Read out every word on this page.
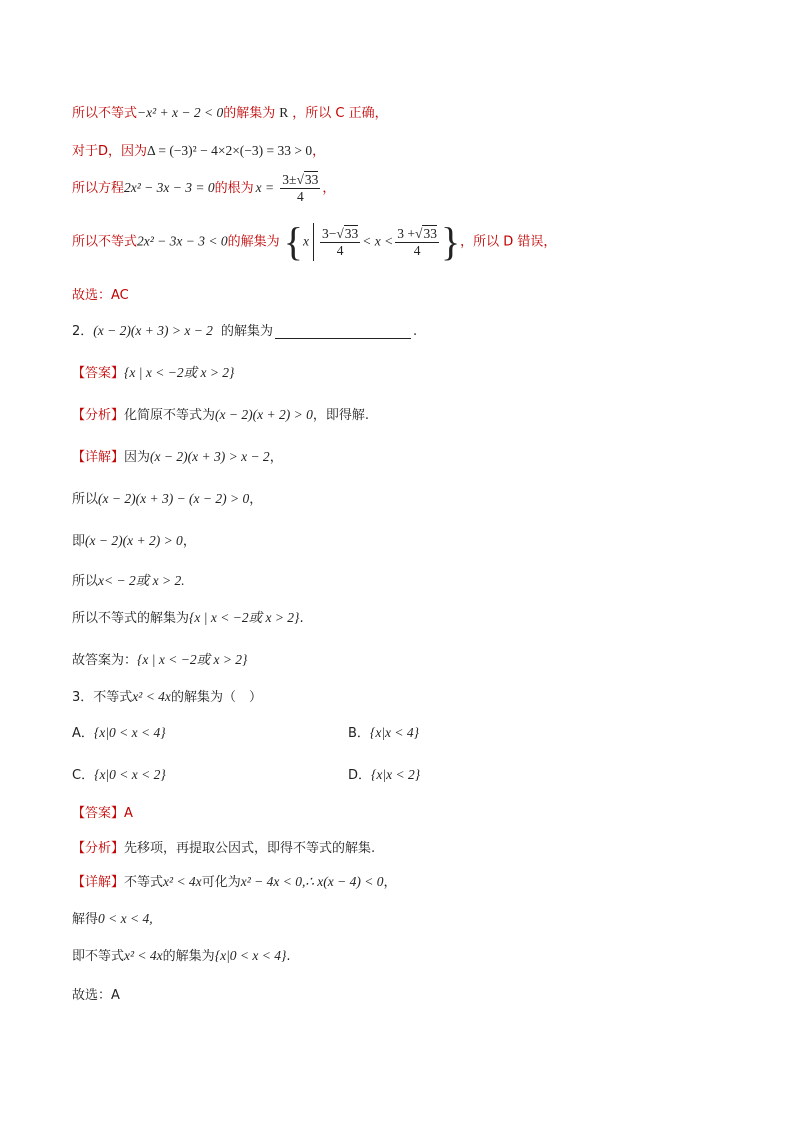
所以不等式−x² + x − 2 < 0的解集为 R ，所以 C 正确，
对于D，因为Δ = (−3)² − 4×2×(−3) = 33 > 0，
所以方程2x² − 3x − 3 = 0的根为 $x = \frac{3\pm√33}{4}$ ，
所以不等式2x² − 3x − 3 < 0的解集为 {$x \frac{3-√33}{4} < x < \frac{3 +√33}{4}$ }，所以 D 错误，
故选：AC
2．(x − 2)(x + 3) > x − 2 的解集为	.
【答案】{x | x < −2或 x > 2}
【分析】化简原不等式为(x − 2)(x + 2) > 0，即得解.
【详解】因为(x − 2)(x + 3) > x − 2，
所以(x − 2)(x + 3) − (x − 2) > 0，
即(x − 2)(x + 2) > 0，
所以x< − 2或 x > 2.
所以不等式的解集为{x | x < −2或 x > 2}.
故答案为：{x | x < −2或 x > 2}
3．不等式x² < 4x的解集为（　）
A．{x|0 < x < 4}	B．{x|x < 4}
C．{x|0 < x < 2}	D．{x|x < 2}
【答案】A
【分析】先移项，再提取公因式，即得不等式的解集.
【详解】不等式x² < 4x可化为x² − 4x < 0,∴ x(x − 4) < 0，
解得0 < x < 4,
即不等式x² < 4x的解集为{x|0 < x < 4}.
故选：A
